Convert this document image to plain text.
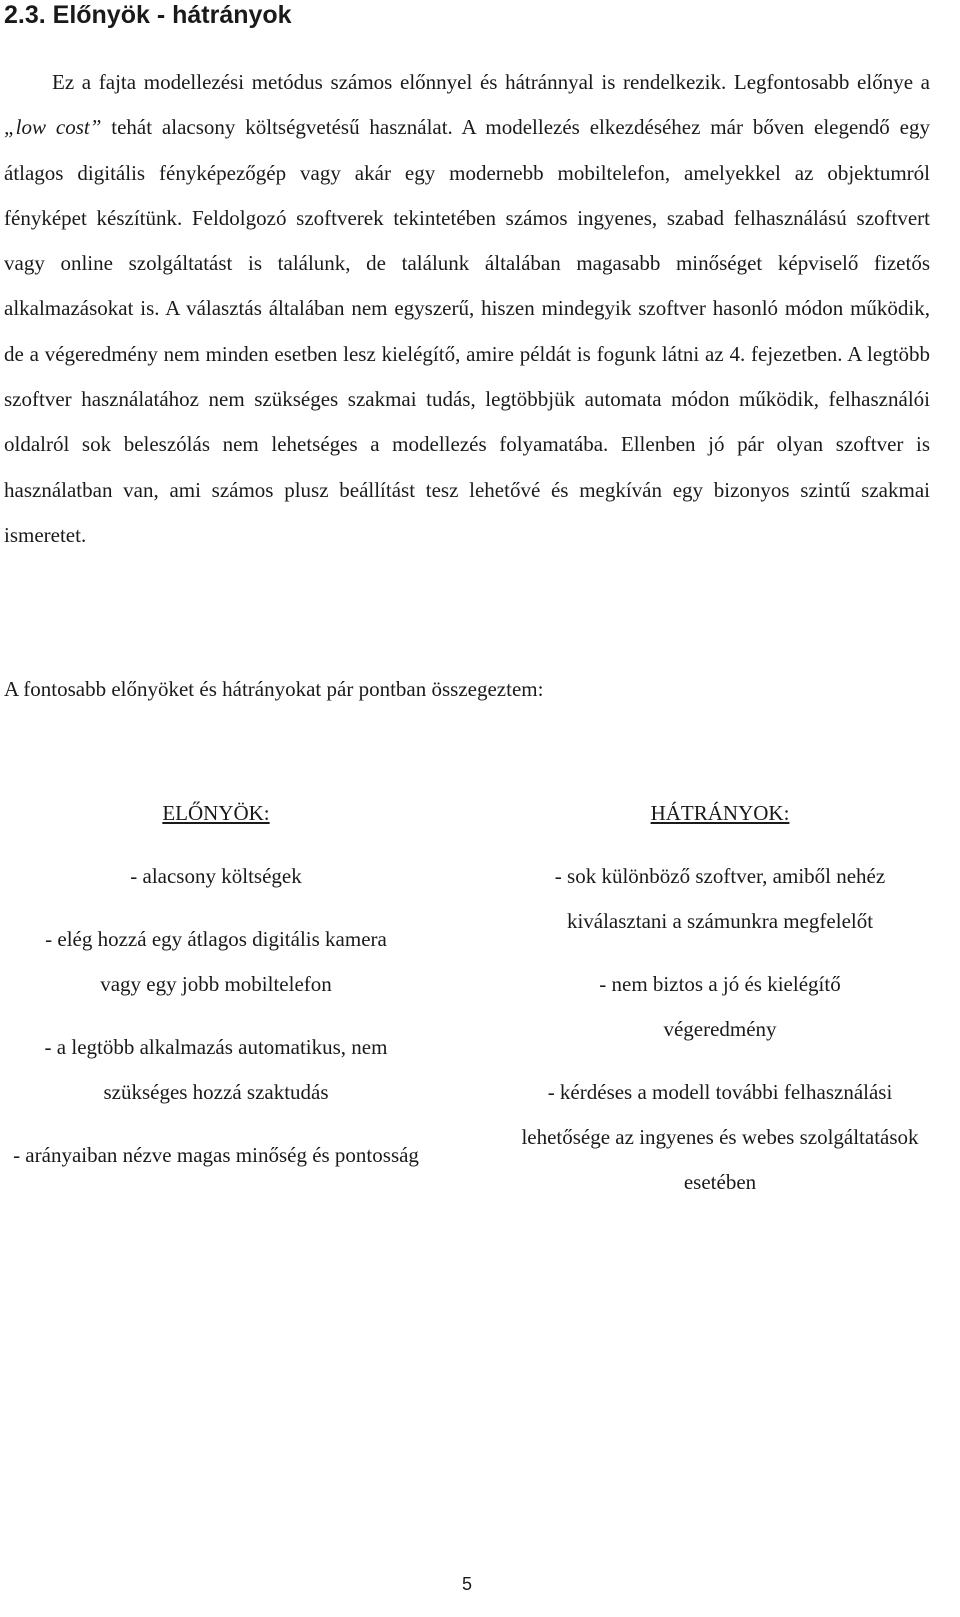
2.3. Előnyök - hátrányok

Ez a fajta modellezési metódus számos előnnyel és hátránnyal is rendelkezik. Legfontosabb előnye a „low cost” tehát alacsony költségvetésű használat. A modellezés elkezdéséhez már bőven elegendő egy átlagos digitális fényképezőgép vagy akár egy modernebb mobiltelefon, amelyekkel az objektumról fényképet készítünk. Feldolgozó szoftverek tekintetében számos ingyenes, szabad felhasználású szoftvert vagy online szolgáltatást is találunk, de találunk általában magasabb minőséget képviselő fizetős alkalmazásokat is. A választás általában nem egyszerű, hiszen mindegyik szoftver hasonló módon működik, de a végeredmény nem minden esetben lesz kielégítő, amire példát is fogunk látni az 4. fejezetben. A legtöbb szoftver használatához nem szükséges szakmai tudás, legtöbbjük automata módon működik, felhasználói oldalról sok beleszólás nem lehetséges a modellezés folyamatába. Ellenben jó pár olyan szoftver is használatban van, ami számos plusz beállítást tesz lehetővé és megkíván egy bizonyos szintű szakmai ismeretet.

A fontosabb előnyöket és hátrányokat pár pontban összegeztem:

ELŐNYÖK:
- alacsony költségek
- elég hozzá egy átlagos digitális kamera vagy egy jobb mobiltelefon
- a legtöbb alkalmazás automatikus, nem szükséges hozzá szaktudás
- arányaiban nézve magas minőség és pontosság
HÁTRÁNYOK:
- sok különböző szoftver, amiből nehéz kiválasztani a számunkra megfelelőt
- nem biztos a jó és kielégítő végeredmény
- kérdéses a modell további felhasználási lehetősége az ingyenes és webes szolgáltatások esetében
5
